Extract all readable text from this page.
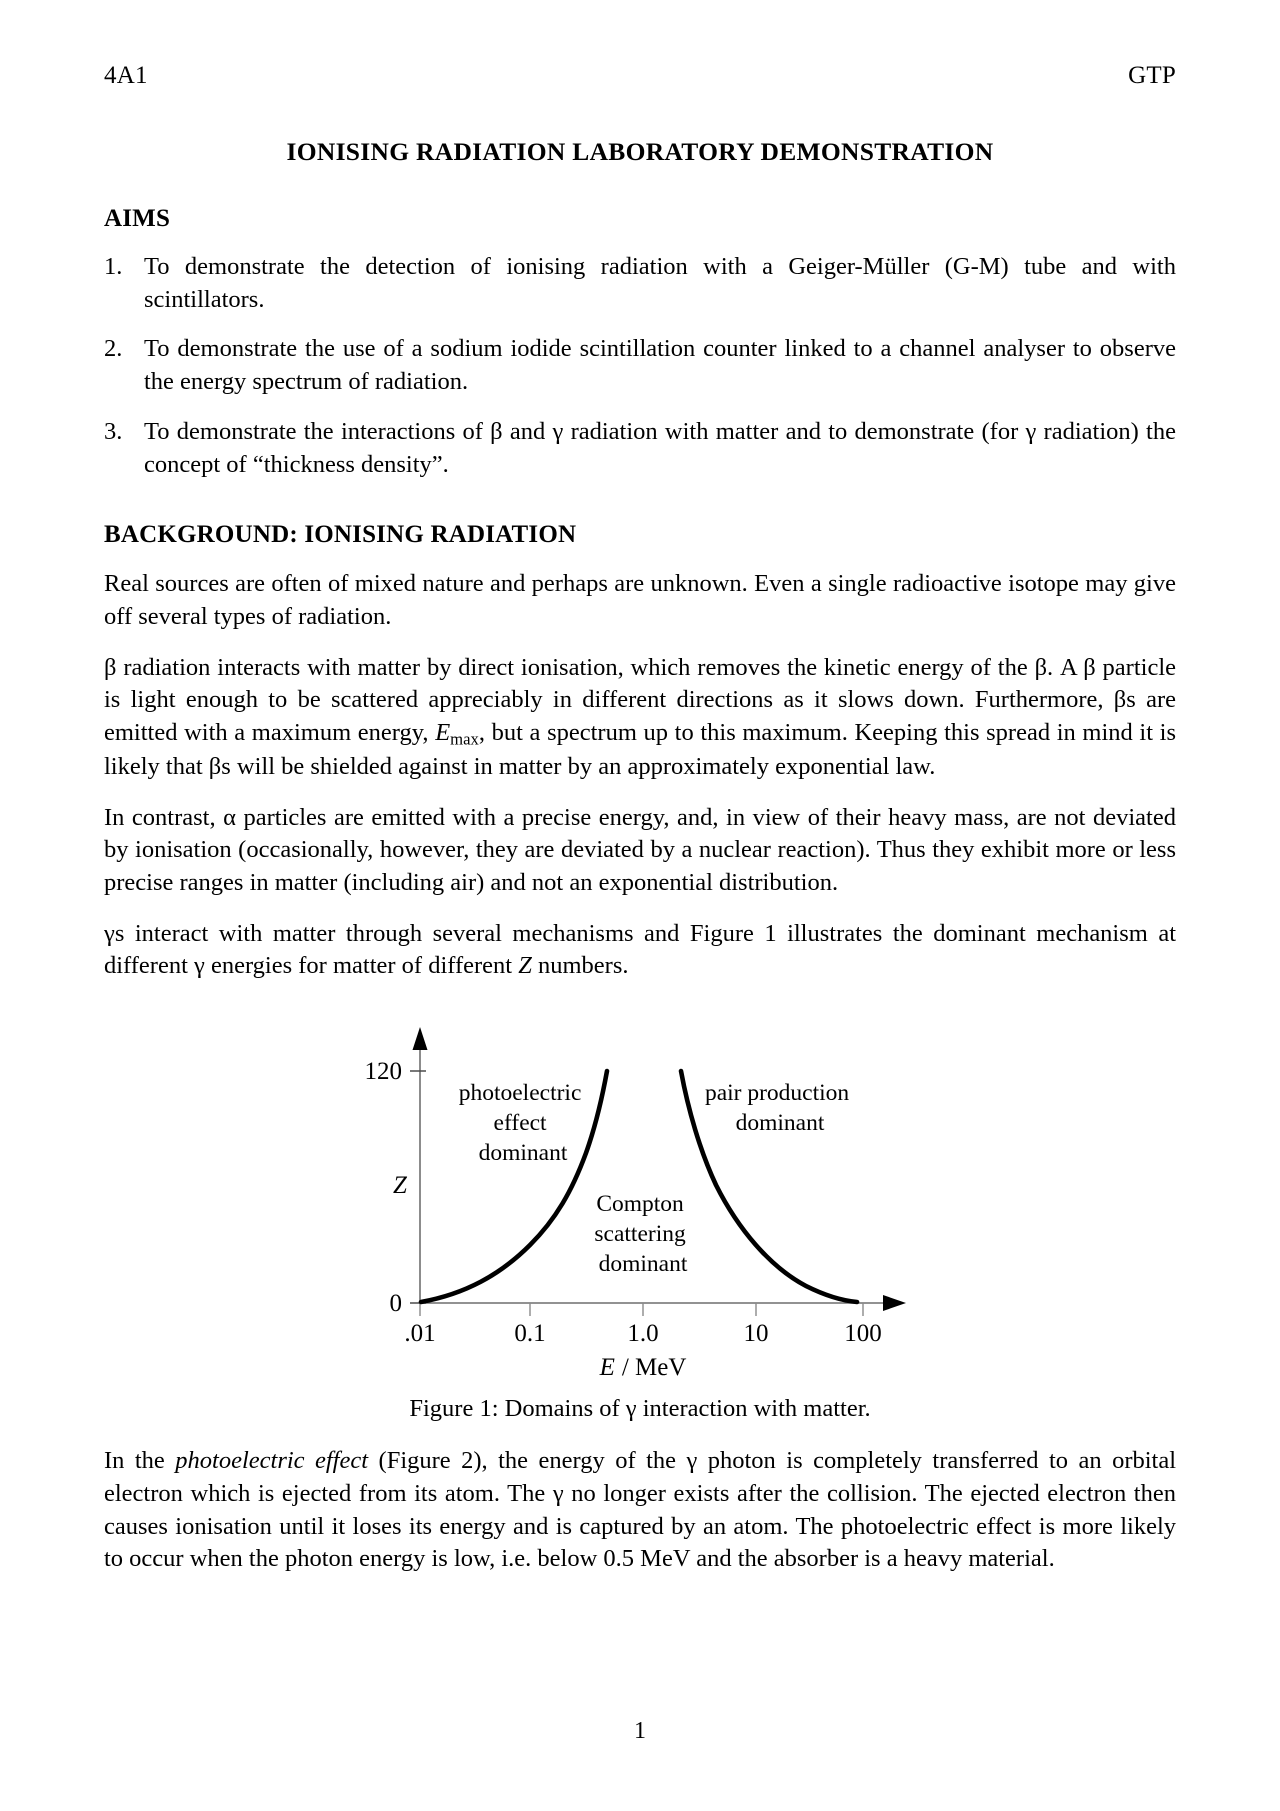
4A1	GTP
IONISING RADIATION LABORATORY DEMONSTRATION
AIMS
1. To demonstrate the detection of ionising radiation with a Geiger-Müller (G-M) tube and with scintillators.
2. To demonstrate the use of a sodium iodide scintillation counter linked to a channel analyser to observe the energy spectrum of radiation.
3. To demonstrate the interactions of β and γ radiation with matter and to demonstrate (for γ radiation) the concept of “thickness density”.
BACKGROUND: IONISING RADIATION

Real sources are often of mixed nature and perhaps are unknown. Even a single radioactive isotope may give off several types of radiation.

β radiation interacts with matter by direct ionisation, which removes the kinetic energy of the β. A β particle is light enough to be scattered appreciably in different directions as it slows down. Furthermore, βs are emitted with a maximum energy, $E_{max}$, but a spectrum up to this maximum. Keeping this spread in mind it is likely that βs will be shielded against in matter by an approximately exponential law.

In contrast, α particles are emitted with a precise energy, and, in view of their heavy mass, are not deviated by ionisation (occasionally, however, they are deviated by a nuclear reaction). Thus they exhibit more or less precise ranges in matter (including air) and not an exponential distribution.

γs interact with matter through several mechanisms and Figure 1 illustrates the dominant mechanism at different γ energies for matter of different Z numbers.

120
0
Z
.01	0.1	1.0	10	100
E / MeV
photoelectric effect dominant
Compton scattering dominant
pair production dominant
Figure 1: Domains of γ interaction with matter.

In the photoelectric effect (Figure 2), the energy of the γ photon is completely transferred to an orbital electron which is ejected from its atom. The γ no longer exists after the collision. The ejected electron then causes ionisation until it loses its energy and is captured by an atom. The photoelectric effect is more likely to occur when the photon energy is low, i.e. below 0.5 MeV and the absorber is a heavy material.

1
